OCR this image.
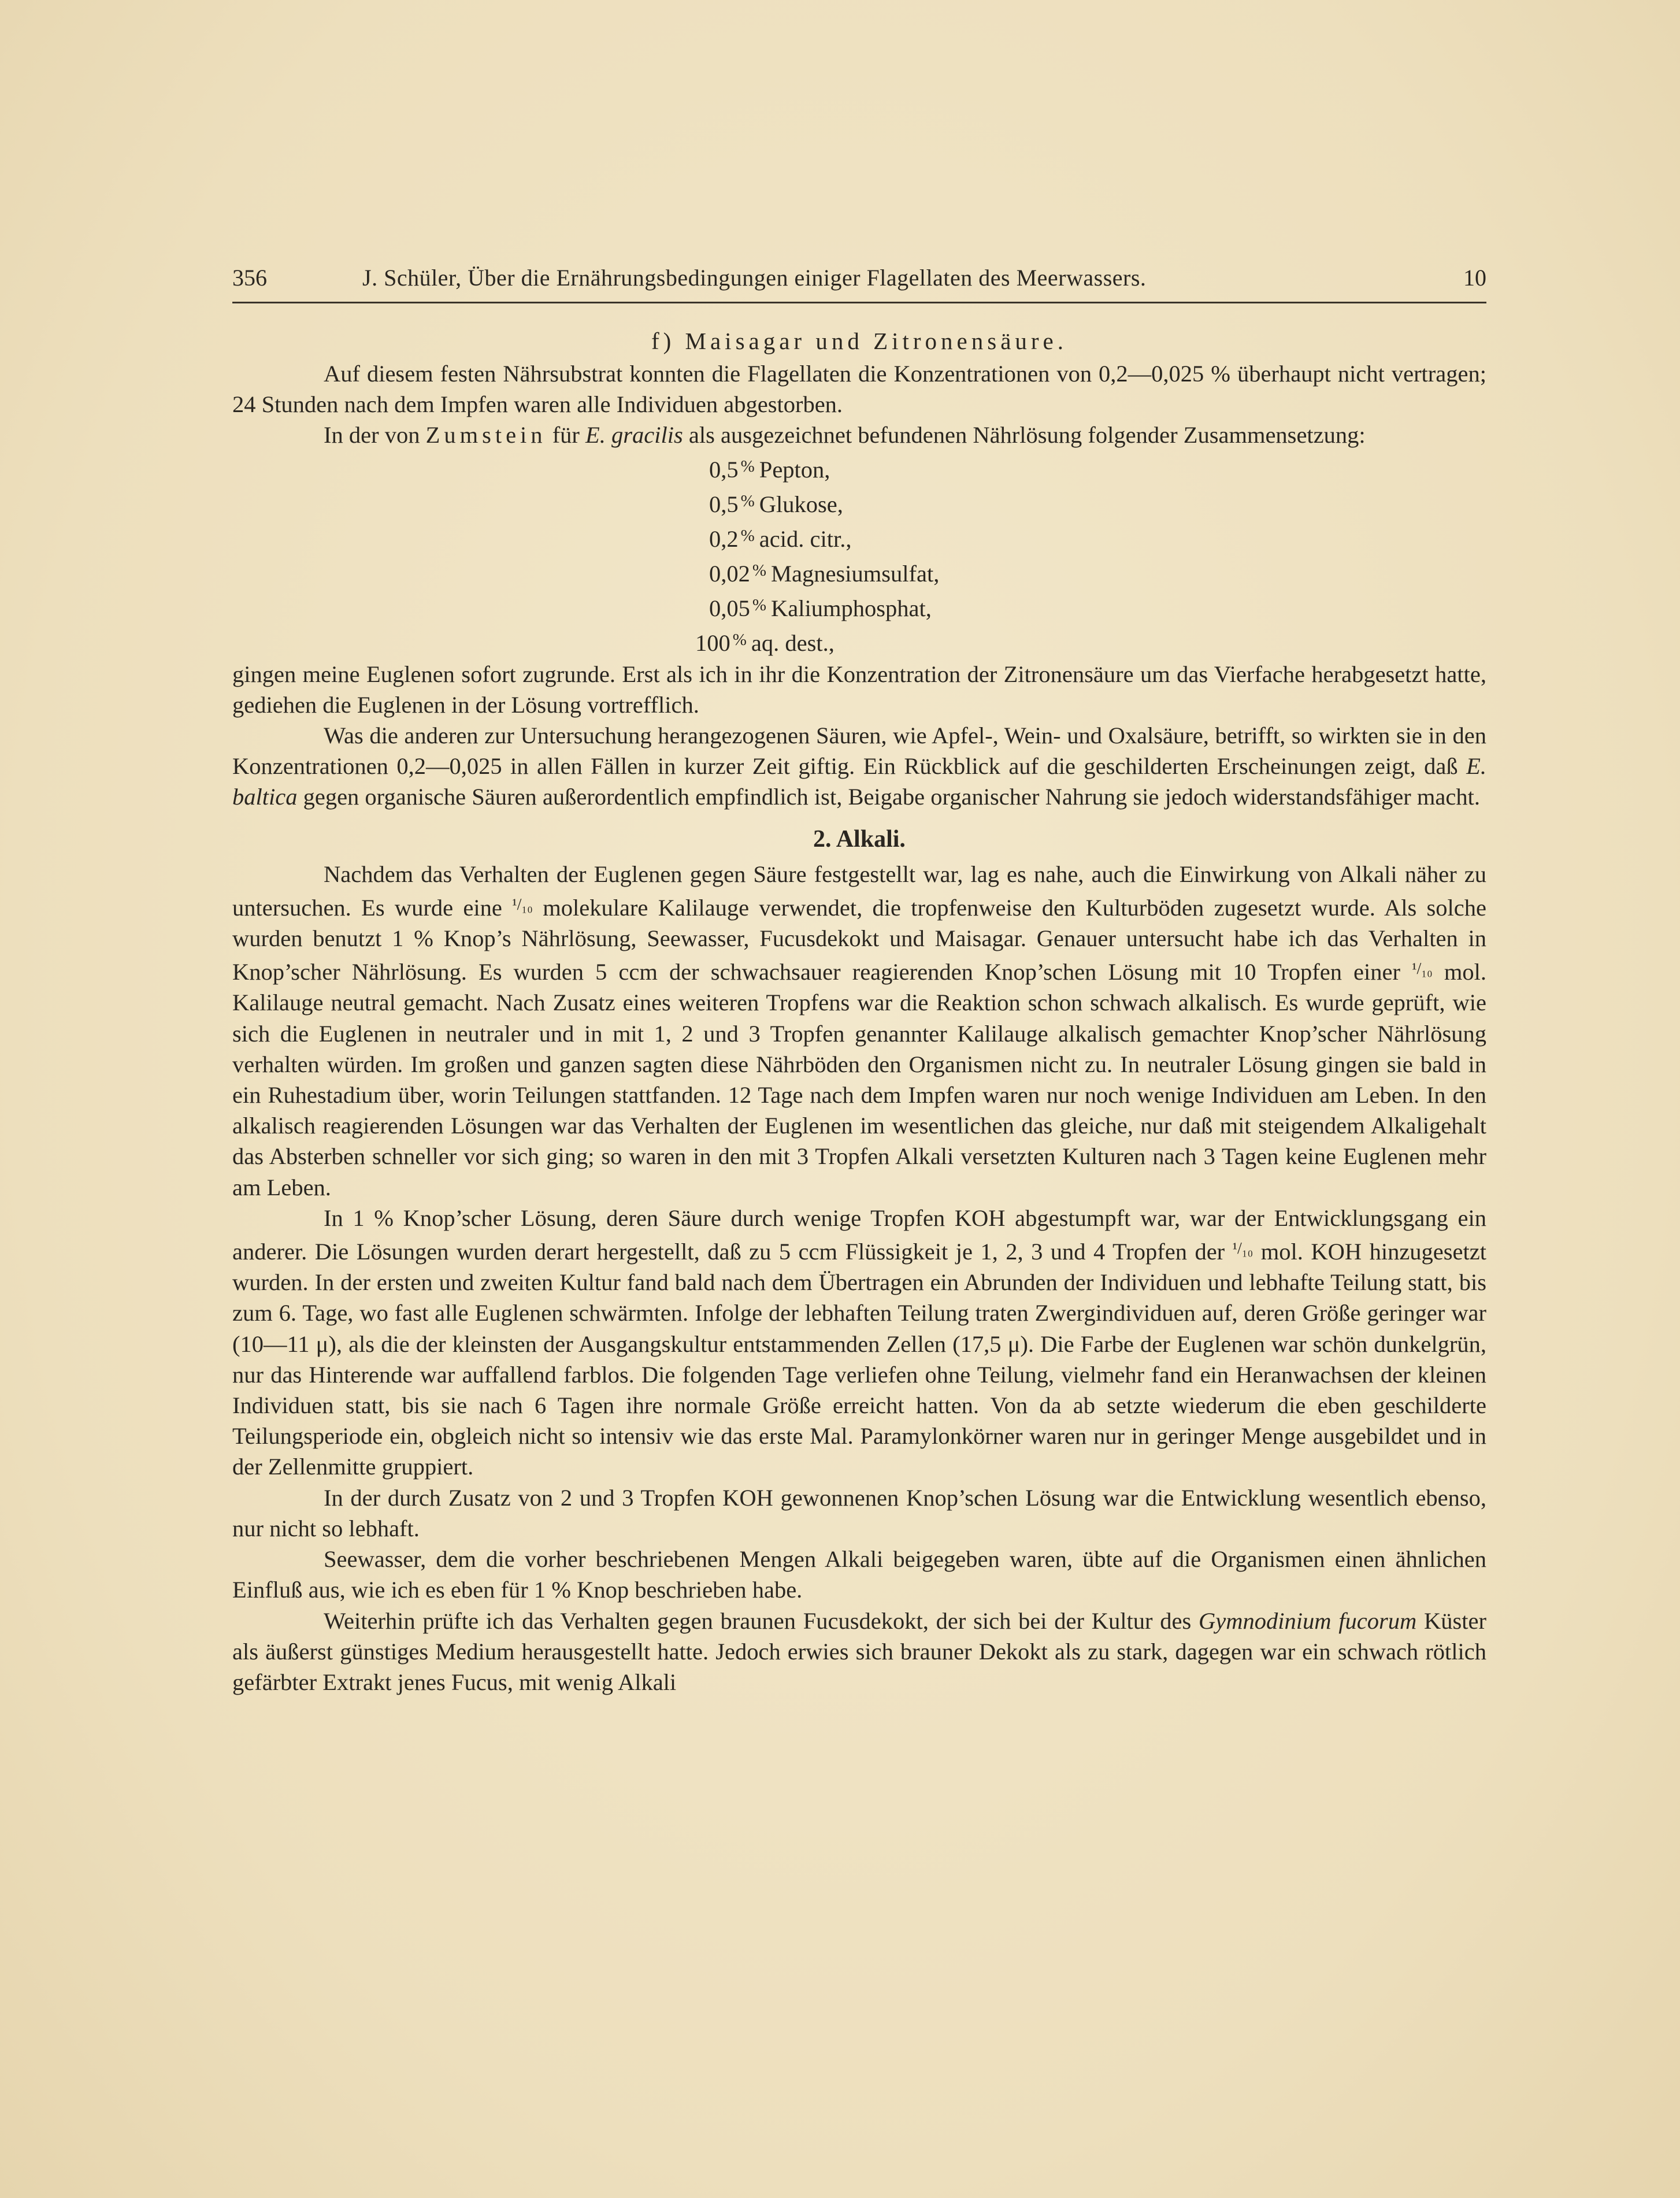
356	J. Schüler, Über die Ernährungsbedingungen einiger Flagellaten des Meerwassers.	10

f) Maisagar und Zitronensäure.

Auf diesem festen Nährsubstrat konnten die Flagellaten die Konzentrationen von 0,2—0,025 % überhaupt nicht vertragen; 24 Stunden nach dem Impfen waren alle Individuen abgestorben.

In der von Zumstein für E. gracilis als ausgezeichnet befundenen Nährlösung folgender Zusammensetzung:

0,5 % Pepton,
0,5 % Glukose,
0,2 % acid. citr.,
0,02 % Magnesiumsulfat,
0,05 % Kaliumphosphat,
100 % aq. dest.,

gingen meine Euglenen sofort zugrunde. Erst als ich in ihr die Konzentration der Zitronensäure um das Vierfache herabgesetzt hatte, gediehen die Euglenen in der Lösung vortrefflich.

Was die anderen zur Untersuchung herangezogenen Säuren, wie Apfel-, Wein- und Oxalsäure, betrifft, so wirkten sie in den Konzentrationen 0,2—0,025 in allen Fällen in kurzer Zeit giftig. Ein Rückblick auf die geschilderten Erscheinungen zeigt, daß E. baltica gegen organische Säuren außerordentlich empfindlich ist, Beigabe organischer Nahrung sie jedoch widerstandsfähiger macht.

2. Alkali.

Nachdem das Verhalten der Euglenen gegen Säure festgestellt war, lag es nahe, auch die Einwirkung von Alkali näher zu untersuchen. Es wurde eine $^{^1/_{10}}$ molekulare Kalilauge verwendet, die tropfenweise den Kulturböden zugesetzt wurde. Als solche wurden benutzt 1 % Knop’s Nährlösung, Seewasser, Fucusdekokt und Maisagar. Genauer untersucht habe ich das Verhalten in Knop’scher Nährlösung. Es wurden 5 ccm der schwachsauer reagierenden Knop’schen Lösung mit 10 Tropfen einer $^{^1/_{10}}$ mol. Kalilauge neutral gemacht. Nach Zusatz eines weiteren Tropfens war die Reaktion schon schwach alkalisch. Es wurde geprüft, wie sich die Euglenen in neutraler und in mit 1, 2 und 3 Tropfen genannter Kalilauge alkalisch gemachter Knop’scher Nährlösung verhalten würden. Im großen und ganzen sagten diese Nährböden den Organismen nicht zu. In neutraler Lösung gingen sie bald in ein Ruhestadium über, worin Teilungen stattfanden. 12 Tage nach dem Impfen waren nur noch wenige Individuen am Leben. In den alkalisch reagierenden Lösungen war das Verhalten der Euglenen im wesentlichen das gleiche, nur daß mit steigendem Alkaligehalt das Absterben schneller vor sich ging; so waren in den mit 3 Tropfen Alkali versetzten Kulturen nach 3 Tagen keine Euglenen mehr am Leben.

In 1 % Knop’scher Lösung, deren Säure durch wenige Tropfen KOH abgestumpft war, war der Entwicklungsgang ein anderer. Die Lösungen wurden derart hergestellt, daß zu 5 ccm Flüssigkeit je 1, 2, 3 und 4 Tropfen der $^{^1/_{10}}$ mol. KOH hinzugesetzt wurden. In der ersten und zweiten Kultur fand bald nach dem Übertragen ein Abrunden der Individuen und lebhafte Teilung statt, bis zum 6. Tage, wo fast alle Euglenen schwärmten. Infolge der lebhaften Teilung traten Zwergindividuen auf, deren Größe geringer war (10—11 μ), als die der kleinsten der Ausgangskultur entstammenden Zellen (17,5 μ). Die Farbe der Euglenen war schön dunkelgrün, nur das Hinterende war auffallend farblos. Die folgenden Tage verliefen ohne Teilung, vielmehr fand ein Heranwachsen der kleinen Individuen statt, bis sie nach 6 Tagen ihre normale Größe erreicht hatten. Von da ab setzte wiederum die eben geschilderte Teilungsperiode ein, obgleich nicht so intensiv wie das erste Mal. Paramylonkörner waren nur in geringer Menge ausgebildet und in der Zellenmitte gruppiert.

In der durch Zusatz von 2 und 3 Tropfen KOH gewonnenen Knop’schen Lösung war die Entwicklung wesentlich ebenso, nur nicht so lebhaft.

Seewasser, dem die vorher beschriebenen Mengen Alkali beigegeben waren, übte auf die Organismen einen ähnlichen Einfluß aus, wie ich es eben für 1 % Knop beschrieben habe.

Weiterhin prüfte ich das Verhalten gegen braunen Fucusdekokt, der sich bei der Kultur des Gymnodinium fucorum Küster als äußerst günstiges Medium herausgestellt hatte. Jedoch erwies sich brauner Dekokt als zu stark, dagegen war ein schwach rötlich gefärbter Extrakt jenes Fucus, mit wenig Alkali
